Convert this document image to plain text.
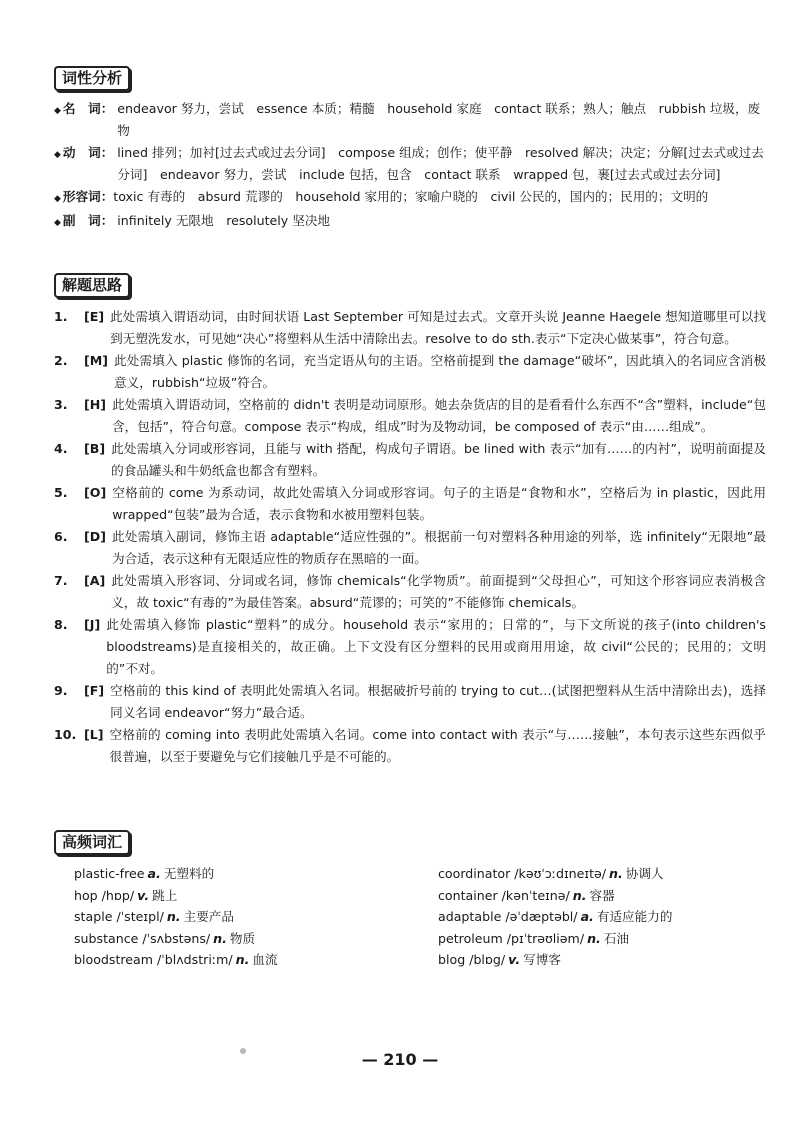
词性分析
◆ 名　词： endeavor 努力，尝试　essence 本质；精髓　household 家庭　contact 联系；熟人；触点　rubbish 垃圾，废物
◆ 动　词： lined 排列；加衬[过去式或过去分词]　compose 组成；创作；使平静　resolved 解决；决定；分解[过去式或过去分词]　endeavor 努力，尝试　include 包括，包含　contact 联系　wrapped 包，裹[过去式或过去分词]
◆ 形容词： toxic 有毒的　absurd 荒谬的　household 家用的；家喻户晓的　civil 公民的，国内的；民用的；文明的
◆ 副　词： infinitely 无限地　resolutely 坚决地
解题思路
1.	[E] 此处需填入谓语动词，由时间状语 Last September 可知是过去式。文章开头说 Jeanne Haegele 想知道哪里可以找到无塑洗发水，可见她“决心”将塑料从生活中清除出去。resolve to do sth.表示“下定决心做某事”，符合句意。
2.	[M] 此处需填入 plastic 修饰的名词，充当定语从句的主语。空格前提到 the damage“破坏”，因此填入的名词应含消极意义，rubbish“垃圾”符合。
3.	[H] 此处需填入谓语动词，空格前的 didn't 表明是动词原形。她去杂货店的目的是看看什么东西不“含”塑料，include“包含，包括”，符合句意。compose 表示“构成，组成”时为及物动词，be composed of 表示“由……组成”。
4.	[B] 此处需填入分词或形容词，且能与 with 搭配，构成句子谓语。be lined with 表示“加有……的内衬”，说明前面提及的食品罐头和牛奶纸盒也都含有塑料。
5.	[O] 空格前的 come 为系动词，故此处需填入分词或形容词。句子的主语是“食物和水”，空格后为 in plastic，因此用 wrapped“包装”最为合适，表示食物和水被用塑料包装。
6.	[D] 此处需填入副词，修饰主语 adaptable“适应性强的”。根据前一句对塑料各种用途的列举，选 infinitely“无限地”最为合适，表示这种有无限适应性的物质存在黑暗的一面。
7.	[A] 此处需填入形容词、分词或名词，修饰 chemicals“化学物质”。前面提到“父母担心”，可知这个形容词应表消极含义，故 toxic“有毒的”为最佳答案。absurd“荒谬的；可笑的”不能修饰 chemicals。
8.	[J] 此处需填入修饰 plastic“塑料”的成分。household 表示“家用的；日常的”，与下文所说的孩子(into children's bloodstreams)是直接相关的，故正确。上下文没有区分塑料的民用或商用用途，故 civil“公民的；民用的；文明的”不对。
9.	[F] 空格前的 this kind of 表明此处需填入名词。根据破折号前的 trying to cut…(试图把塑料从生活中清除出去)，选择同义名词 endeavor“努力”最合适。
10. [L] 空格前的 coming into 表明此处需填入名词。come into contact with 表示“与……接触”，本句表示这些东西似乎很普遍，以至于要避免与它们接触几乎是不可能的。
高频词汇
plastic-free a. 无塑料的
hop /hɒp/ v. 跳上
staple /ˈsteɪpl/ n. 主要产品
substance /ˈsʌbstəns/ n. 物质
bloodstream /ˈblʌdstriːm/ n. 血流
coordinator /kəʊˈɔːdɪneɪtə/ n. 协调人
container /kənˈteɪnə/ n. 容器
adaptable /əˈdæptəbl/ a. 有适应能力的
petroleum /pɪˈtrəʊliəm/ n. 石油
blog /blɒg/ v. 写博客
— 210 —
